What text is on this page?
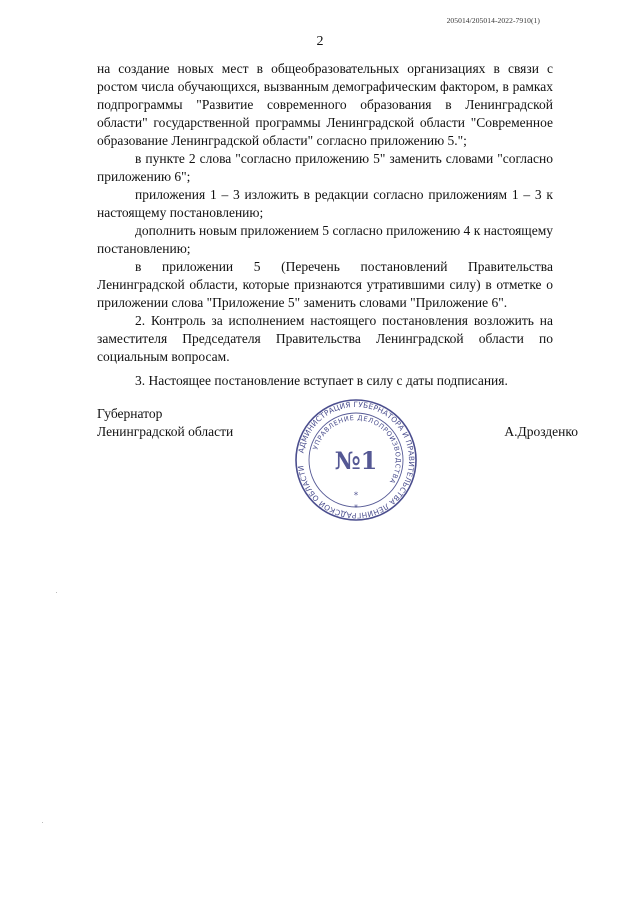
205014/205014-2022-7910(1)
2

на создание новых мест в общеобразовательных организациях в связи с ростом числа обучающихся, вызванным демографическим фактором, в рамках подпрограммы "Развитие современного образования в Ленинградской области" государственной программы Ленинградской области "Современное образование Ленинградской области" согласно приложению 5.";

в пункте 2 слова "согласно приложению 5" заменить словами "согласно приложению 6";

приложения 1 – 3 изложить в редакции согласно приложениям 1 – 3 к настоящему постановлению;

дополнить новым приложением 5 согласно приложению 4 к настоящему постановлению;

в приложении 5 (Перечень постановлений Правительства Ленинградской области, которые признаются утратившими силу) в отметке о приложении слова "Приложение 5" заменить словами "Приложение 6".

2. Контроль за исполнением настоящего постановления возложить на заместителя Председателя Правительства Ленинградской области по социальным вопросам.

3. Настоящее постановление вступает в силу с даты подписания.

Губернатор
Ленинградской области	А.Дрозденко
АДМИНИСТРАЦИЯ ГУБЕРНАТОРА И ПРАВИТЕЛЬСТВА ЛЕНИНГРАДСКОЙ ОБЛАСТИ
УПРАВЛЕНИЕ ДЕЛОПРОИЗВОДСТВА
№1
*
*
